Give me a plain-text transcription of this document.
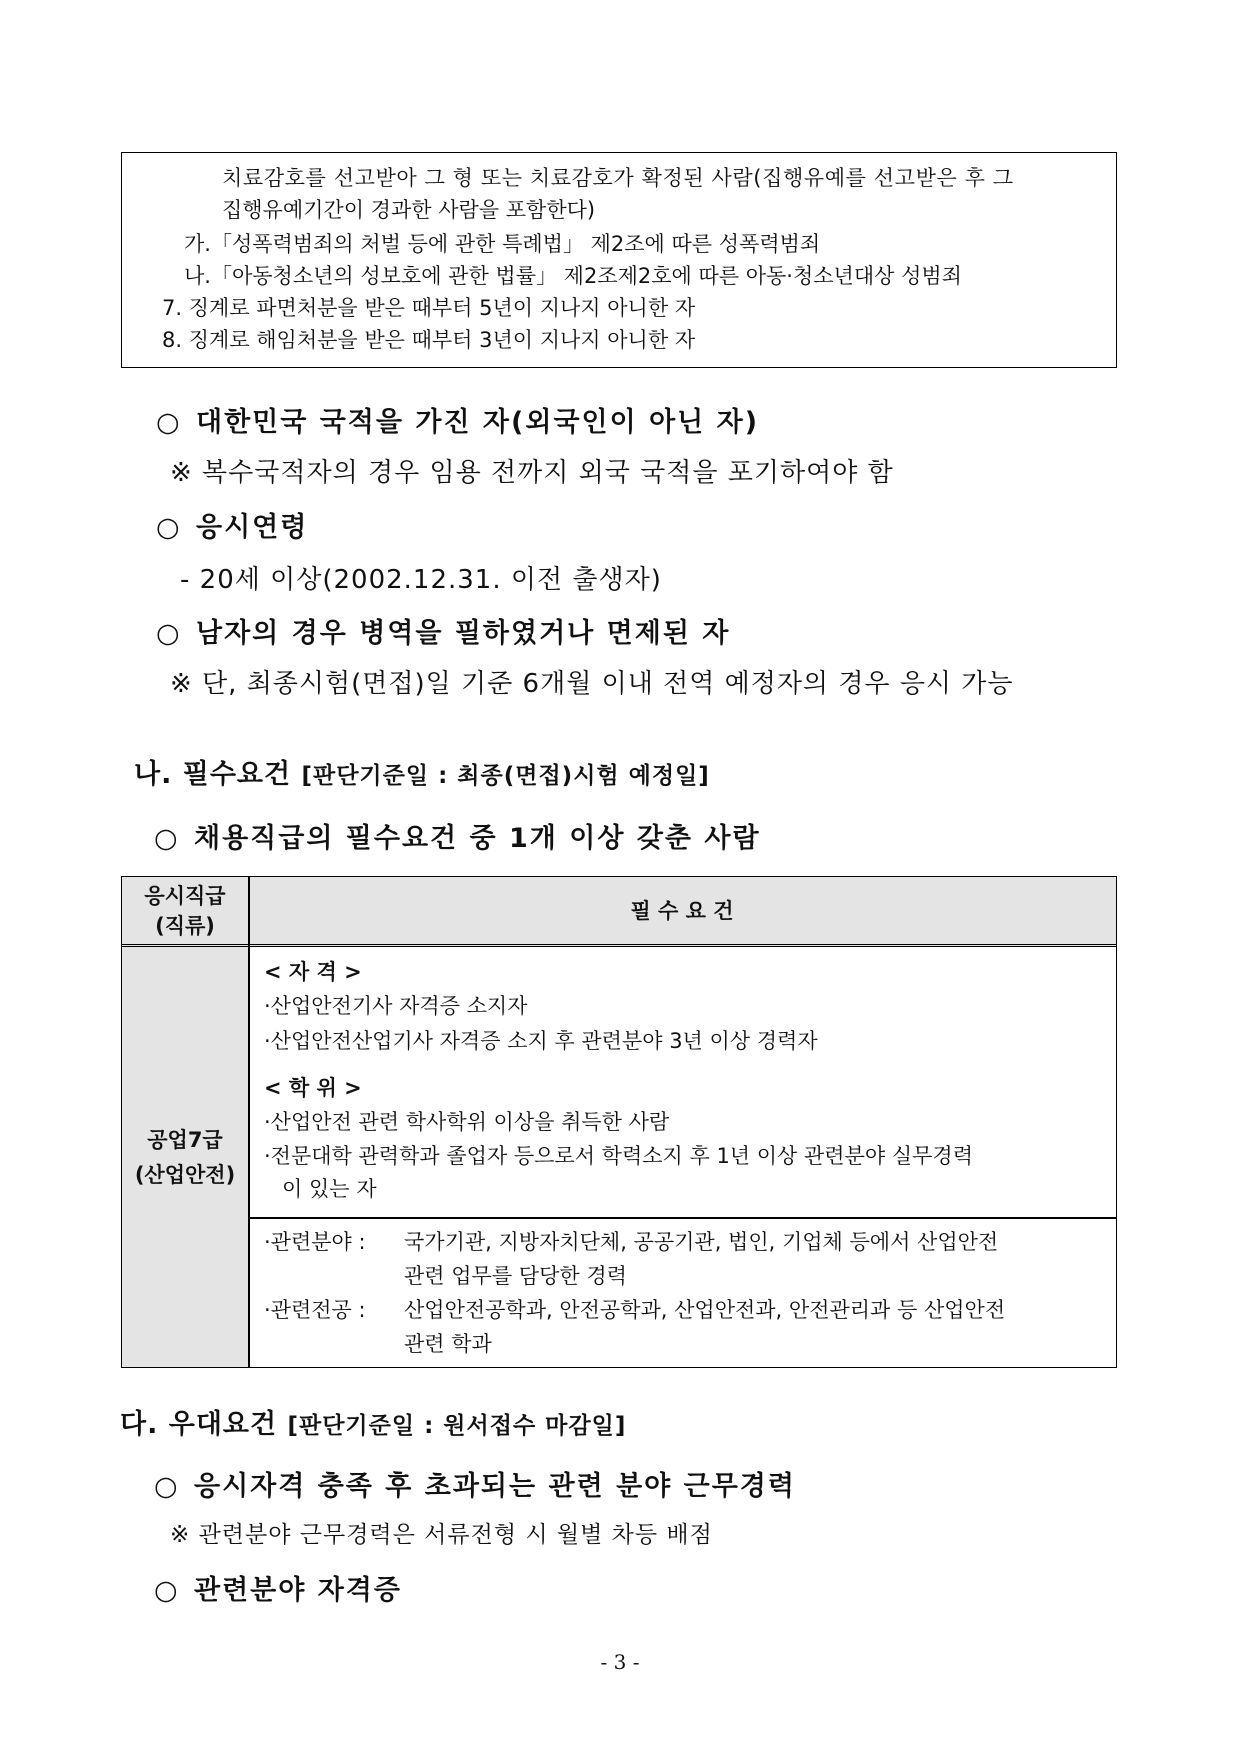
치료감호를 선고받아 그 형 또는 치료감호가 확정된 사람(집행유예를 선고받은 후 그
집행유예기간이 경과한 사람을 포함한다)
가.「성폭력범죄의 처벌 등에 관한 특례법」 제2조에 따른 성폭력범죄
나.「아동청소년의 성보호에 관한 법률」 제2조제2호에 따른 아동·청소년대상 성범죄
7. 징계로 파면처분을 받은 때부터 5년이 지나지 아니한 자
8. 징계로 해임처분을 받은 때부터 3년이 지나지 아니한 자
○ 대한민국 국적을 가진 자(외국인이 아닌 자)
※ 복수국적자의 경우 임용 전까지 외국 국적을 포기하여야 함
○ 응시연령
- 20세 이상(2002.12.31. 이전 출생자)
○ 남자의 경우 병역을 필하였거나 면제된 자
※ 단, 최종시험(면접)일 기준 6개월 이내 전역 예정자의 경우 응시 가능
나. 필수요건 [판단기준일 : 최종(면접)시험 예정일]
○ 채용직급의 필수요건 중 1개 이상 갖춘 사람
응시직급
(직류)
필 수 요 건
공업7급
(산업안전)
< 자 격 >
·산업안전기사 자격증 소지자
·산업안전산업기사 자격증 소지 후 관련분야 3년 이상 경력자
< 학 위 >
·산업안전 관련 학사학위 이상을 취득한 사람
·전문대학 관력학과 졸업자 등으로서 학력소지 후 1년 이상 관련분야 실무경력
이 있는 자
·관련분야 : 국가기관, 지방자치단체, 공공기관, 법인, 기업체 등에서 산업안전
관련 업무를 담당한 경력
·관련전공 : 산업안전공학과, 안전공학과, 산업안전과, 안전관리과 등 산업안전
관련 학과
다. 우대요건 [판단기준일 : 원서접수 마감일]
○ 응시자격 충족 후 초과되는 관련 분야 근무경력
※ 관련분야 근무경력은 서류전형 시 월별 차등 배점
○ 관련분야 자격증
- 3 -
